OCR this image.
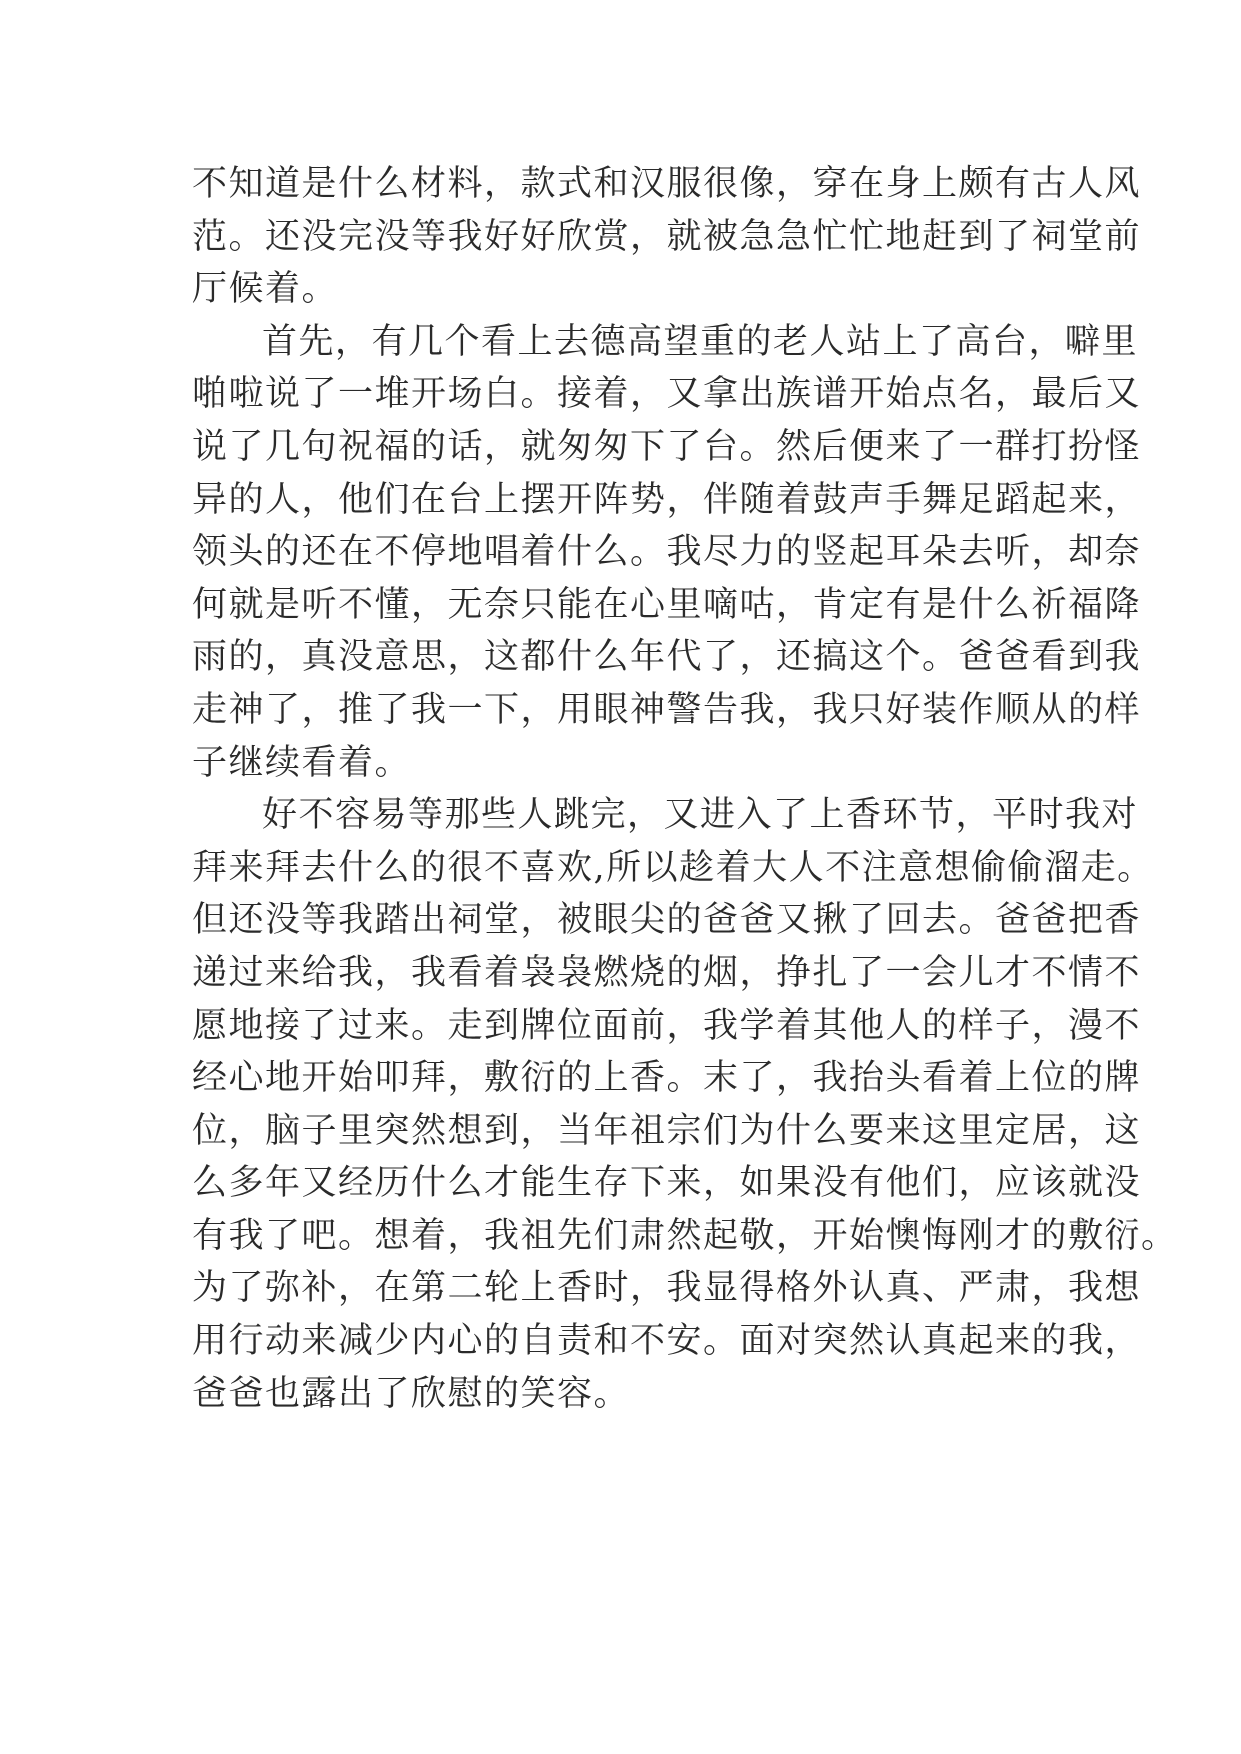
不知道是什么材料，款式和汉服很像，穿在身上颇有古人风
范。还没完没等我好好欣赏，就被急急忙忙地赶到了祠堂前
厅候着。
首先，有几个看上去德高望重的老人站上了高台，噼里
啪啦说了一堆开场白。接着，又拿出族谱开始点名，最后又
说了几句祝福的话，就匆匆下了台。然后便来了一群打扮怪
异的人，他们在台上摆开阵势，伴随着鼓声手舞足蹈起来，
领头的还在不停地唱着什么。我尽力的竖起耳朵去听，却奈
何就是听不懂，无奈只能在心里嘀咕，肯定有是什么祈福降
雨的，真没意思，这都什么年代了，还搞这个。爸爸看到我
走神了，推了我一下，用眼神警告我，我只好装作顺从的样
子继续看着。
好不容易等那些人跳完，又进入了上香环节，平时我对
拜来拜去什么的很不喜欢,所以趁着大人不注意想偷偷溜走。
但还没等我踏出祠堂，被眼尖的爸爸又揪了回去。爸爸把香
递过来给我，我看着袅袅燃烧的烟，挣扎了一会儿才不情不
愿地接了过来。走到牌位面前，我学着其他人的样子，漫不
经心地开始叩拜，敷衍的上香。末了，我抬头看着上位的牌
位，脑子里突然想到，当年祖宗们为什么要来这里定居，这
么多年又经历什么才能生存下来，如果没有他们，应该就没
有我了吧。想着，我祖先们肃然起敬，开始懊悔刚才的敷衍。
为了弥补，在第二轮上香时，我显得格外认真、严肃，我想
用行动来减少内心的自责和不安。面对突然认真起来的我，
爸爸也露出了欣慰的笑容。
